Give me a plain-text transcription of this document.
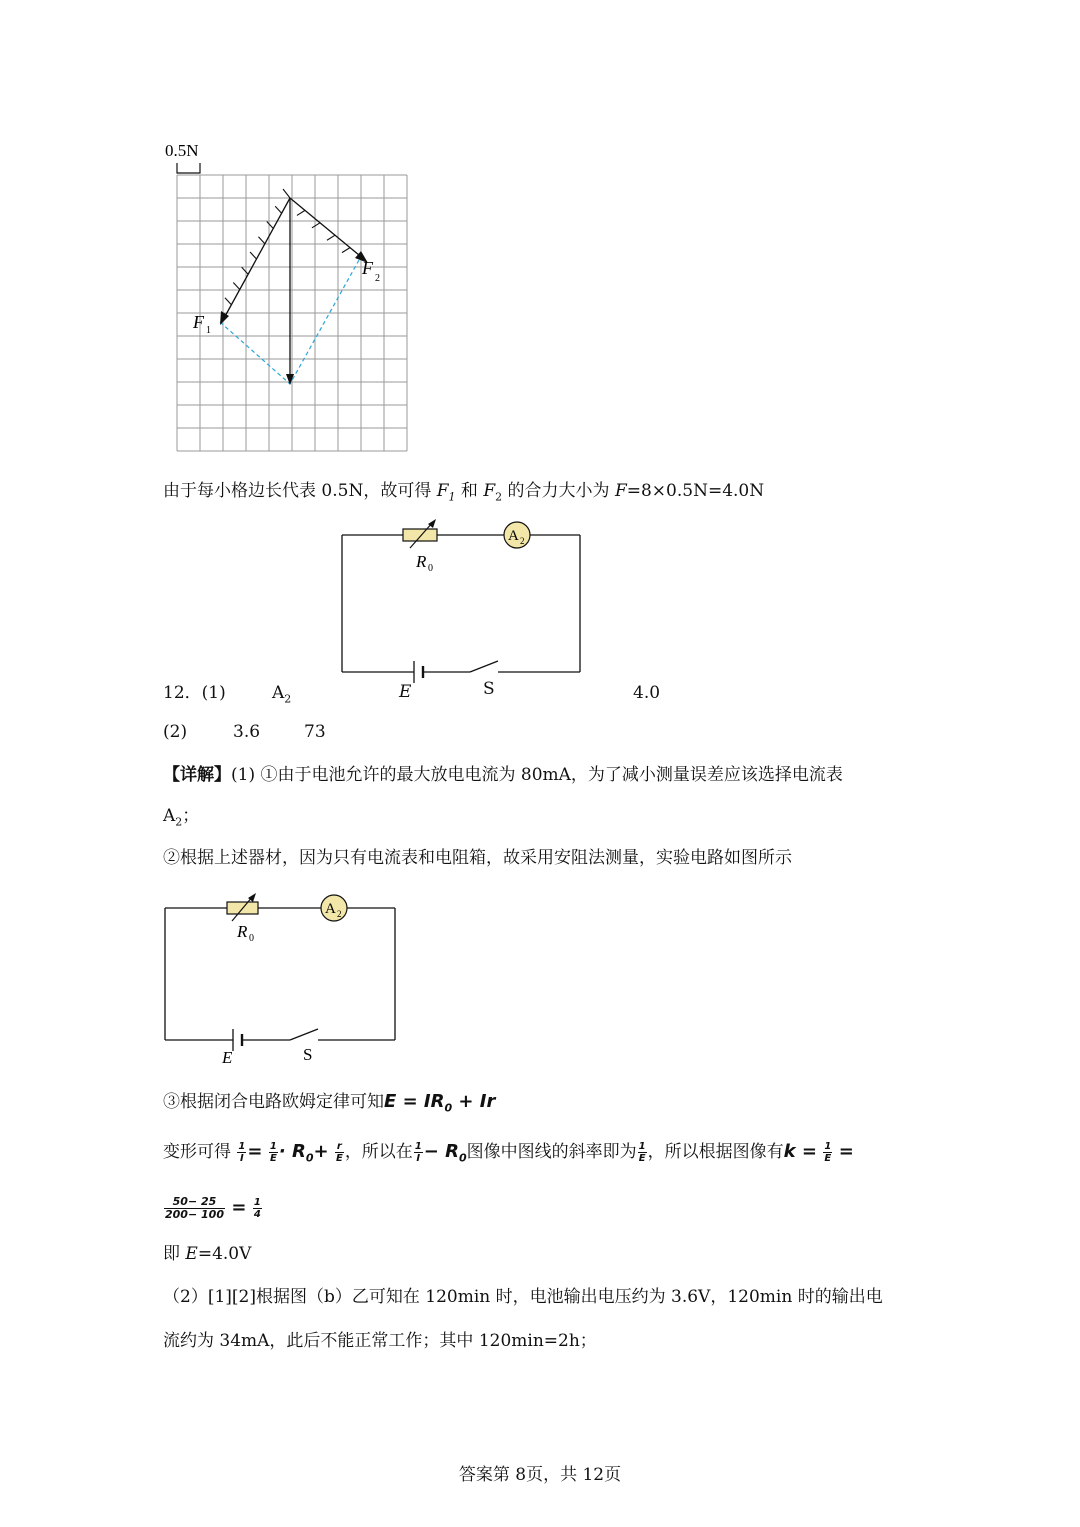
0.5N
F 1
F
2
由于每小格边长代表 0.5N，故可得 $F_1$ 和 $F_2$ 的合力大小为 F=8×0.5N=4.0N
R 0
A 2
12．(1)	$A_2$	E	S	4.0
(2)	3.6	73
【详解】(1) ①由于电池允许的最大放电电流为 80mA，为了减小测量误差应该选择电流表
$A_2$；
②根据上述器材，因为只有电流表和电阻箱，故采用安阻法测量，实验电路如图所示
R 0
A 2
E	S
③根据闭合电路欧姆定律可知$E = IR_0 + Ir$
变形可得 $\frac{1}{I} = \frac{1}{E} \cdot R_0+ \frac{r}{E}$ ，所以在 $\frac{1}{I} - R_0$图像中图线的斜率即为 $\frac{1}{E}$ ，所以根据图像有$k = \frac{1}{E}$ =
$\frac{50- 25}{200- 100} = \frac{1}{4}$
即 E=4.0V
（2）[1][2]根据图（b）乙可知在 120min 时，电池输出电压约为 3.6V，120min 时的输出电
流约为 34mA，此后不能正常工作；其中 120min=2h；
答案第 8页，共 12页
